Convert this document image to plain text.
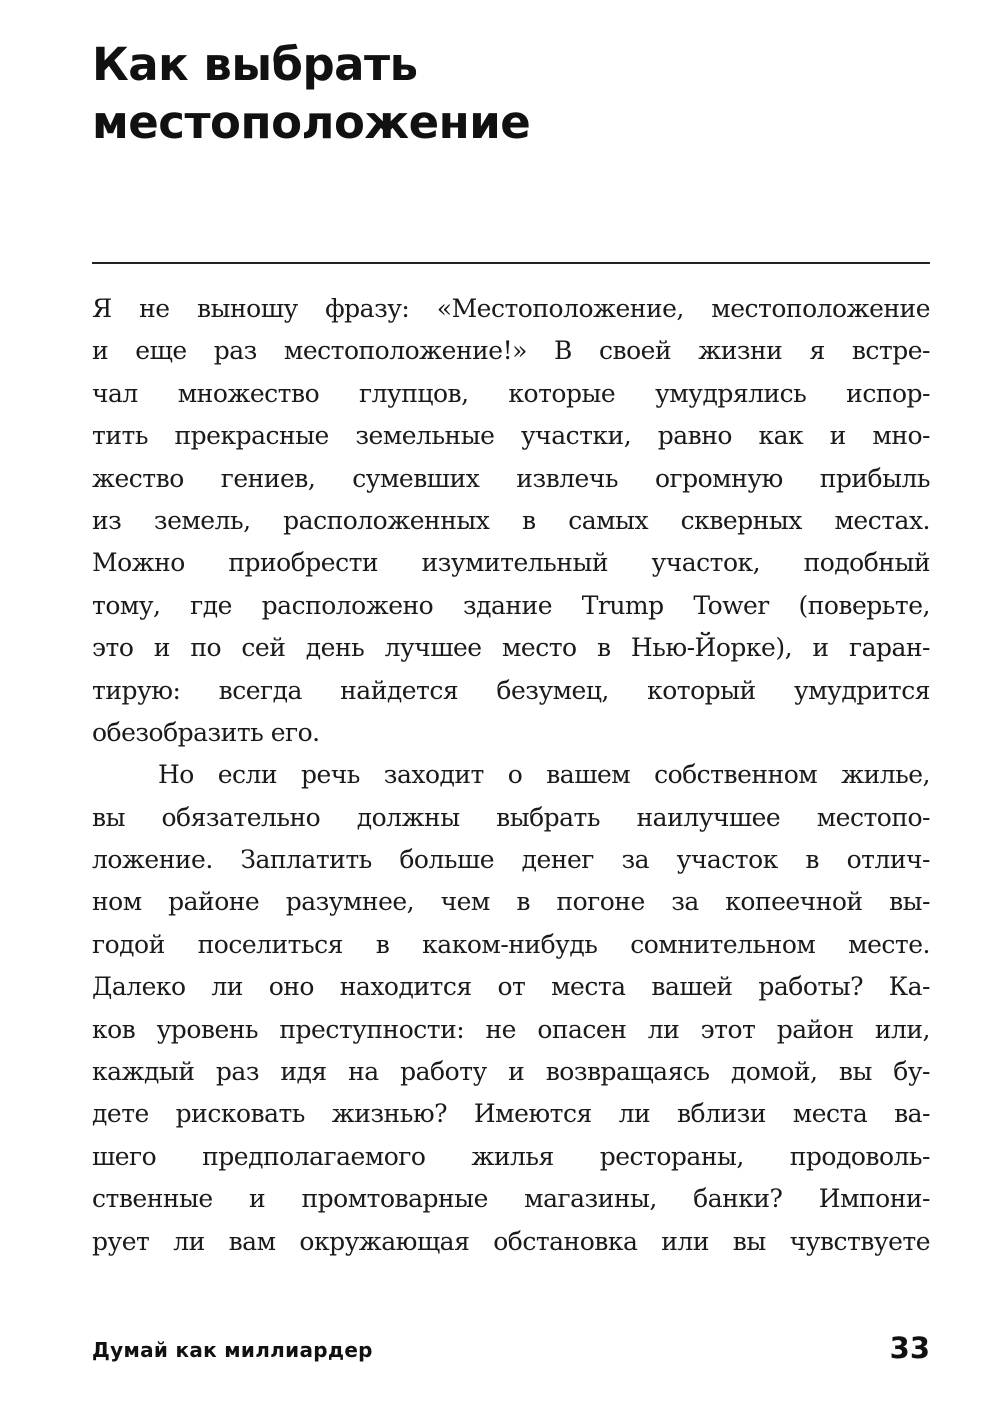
Как выбрать
местоположение
Я не выношу фразу: «Местоположение, местоположение
и еще раз местоположение!» В своей жизни я встре-
чал множество глупцов, которые умудрялись испор-
тить прекрасные земельные участки, равно как и мно-
жество гениев, сумевших извлечь огромную прибыль
из земель, расположенных в самых скверных местах.
Можно приобрести изумительный участок, подобный
тому, где расположено здание Trump Tower (поверьте,
это и по сей день лучшее место в Нью-Йорке), и гаран-
тирую: всегда найдется безумец, который умудрится
обезобразить его.
Но если речь заходит о вашем собственном жилье,
вы обязательно должны выбрать наилучшее местопо-
ложение. Заплатить больше денег за участок в отлич-
ном районе разумнее, чем в погоне за копеечной вы-
годой поселиться в каком-нибудь сомнительном месте.
Далеко ли оно находится от места вашей работы? Ка-
ков уровень преступности: не опасен ли этот район или,
каждый раз идя на работу и возвращаясь домой, вы бу-
дете рисковать жизнью? Имеются ли вблизи места ва-
шего предполагаемого жилья рестораны, продоволь-
ственные и промтоварные магазины, банки? Импони-
рует ли вам окружающая обстановка или вы чувствуете
Думай как миллиардер	33
